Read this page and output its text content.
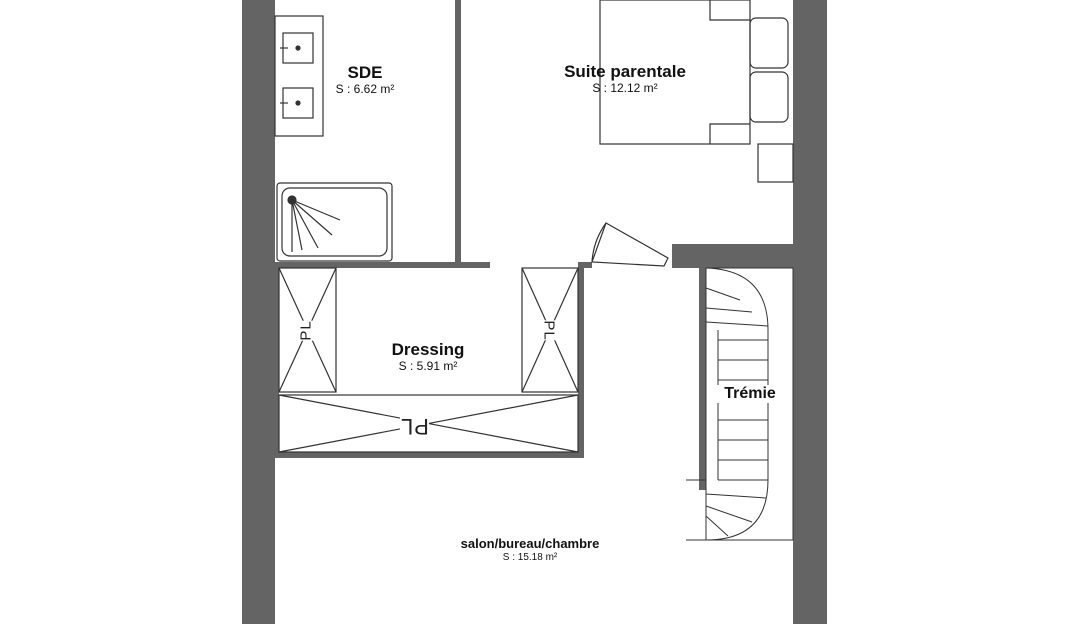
SDE
S : 6.62 m²
Suite parentale
S : 12.12 m²
Dressing
S : 5.91 m²
Trémie
salon/bureau/chambre
S : 15.18 m²
PL	PL
PL
